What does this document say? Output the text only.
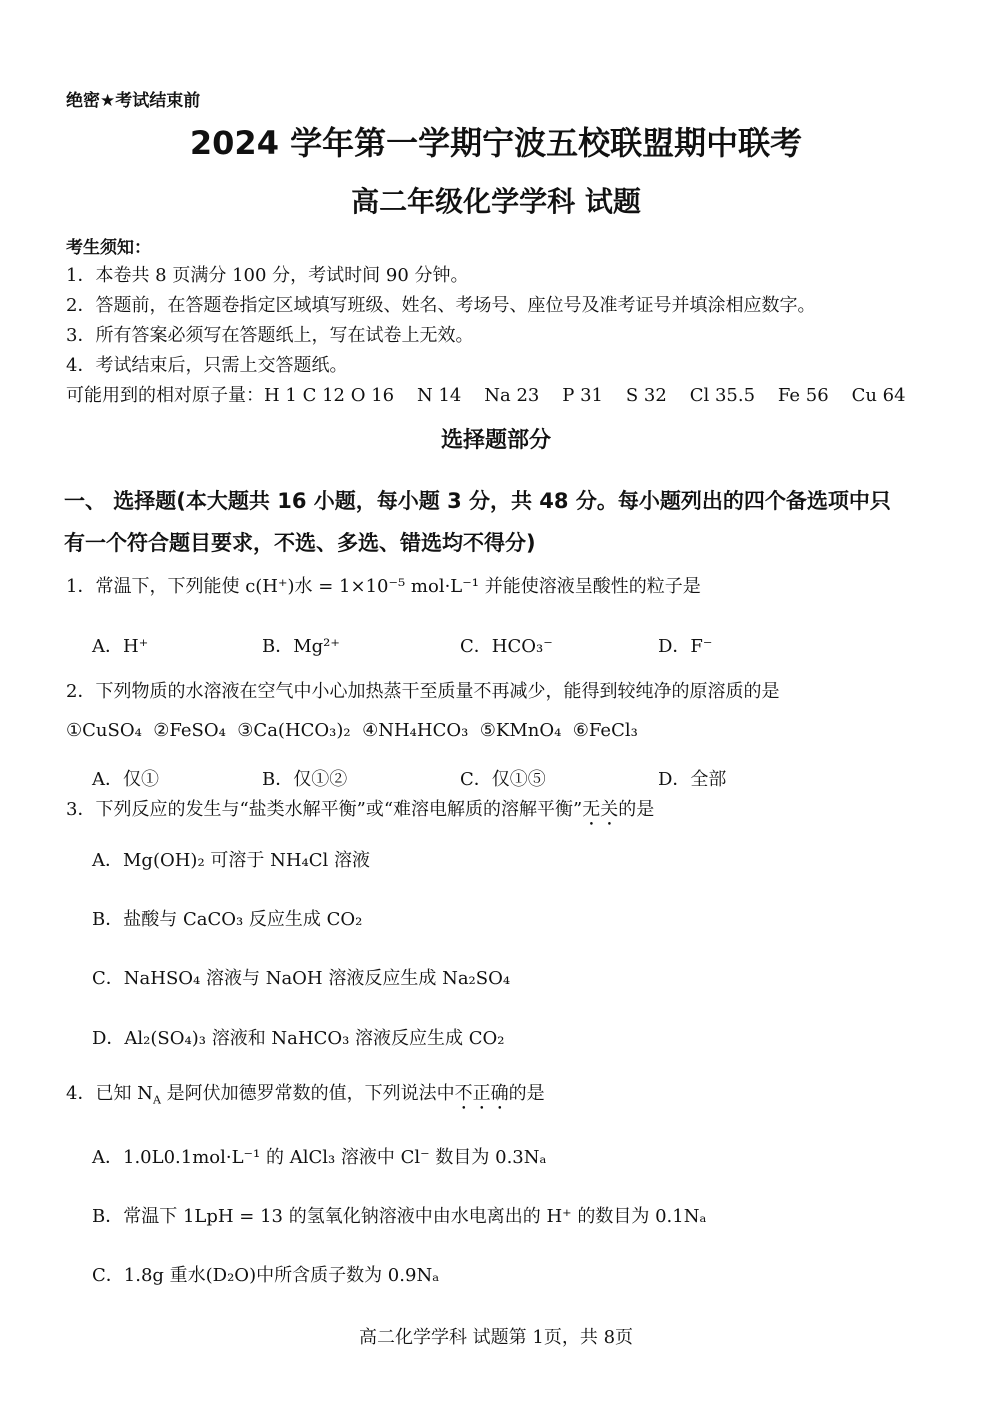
绝密★考试结束前
2024 学年第一学期宁波五校联盟期中联考
高二年级化学学科 试题
考生须知：
1．本卷共 8 页满分 100 分，考试时间 90 分钟。
2．答题前，在答题卷指定区域填写班级、姓名、考场号、座位号及准考证号并填涂相应数字。
3．所有答案必须写在答题纸上，写在试卷上无效。
4．考试结束后，只需上交答题纸。
可能用到的相对原子量：H 1 C 12 O 16    N 14    Na 23    P 31    S 32    Cl 35.5    Fe 56    Cu 64
选择题部分
一、 选择题(本大题共 16 小题，每小题 3 分，共 48 分。每小题列出的四个备选项中只
有一个符合题目要求，不选、多选、错选均不得分)
1．常温下，下列能使 c(H⁺)水 = 1×10⁻⁵ mol·L⁻¹ 并能使溶液呈酸性的粒子是
A．H⁺	B．Mg²⁺	C．HCO₃⁻	D．F⁻
2．下列物质的水溶液在空气中小心加热蒸干至质量不再减少，能得到较纯净的原溶质的是
①CuSO₄  ②FeSO₄  ③Ca(HCO₃)₂  ④NH₄HCO₃  ⑤KMnO₄  ⑥FeCl₃
A．仅①	B．仅①②	C．仅①⑤	D．全部
3．下列反应的发生与“盐类水解平衡”或“难溶电解质的溶解平衡”无关的是
A．Mg(OH)₂ 可溶于 NH₄Cl 溶液
B．盐酸与 CaCO₃ 反应生成 CO₂
C．NaHSO₄ 溶液与 NaOH 溶液反应生成 Na₂SO₄
D．Al₂(SO₄)₃ 溶液和 NaHCO₃ 溶液反应生成 CO₂
4．已知 $N_A$ 是阿伏加德罗常数的值，下列说法中不正确的是
A．1.0L0.1mol·L⁻¹ 的 AlCl₃ 溶液中 Cl⁻ 数目为 0.3Nₐ
B．常温下 1LpH = 13 的氢氧化钠溶液中由水电离出的 H⁺ 的数目为 0.1Nₐ
C．1.8g 重水(D₂O)中所含质子数为 0.9Nₐ
高二化学学科 试题第 1页，共 8页
